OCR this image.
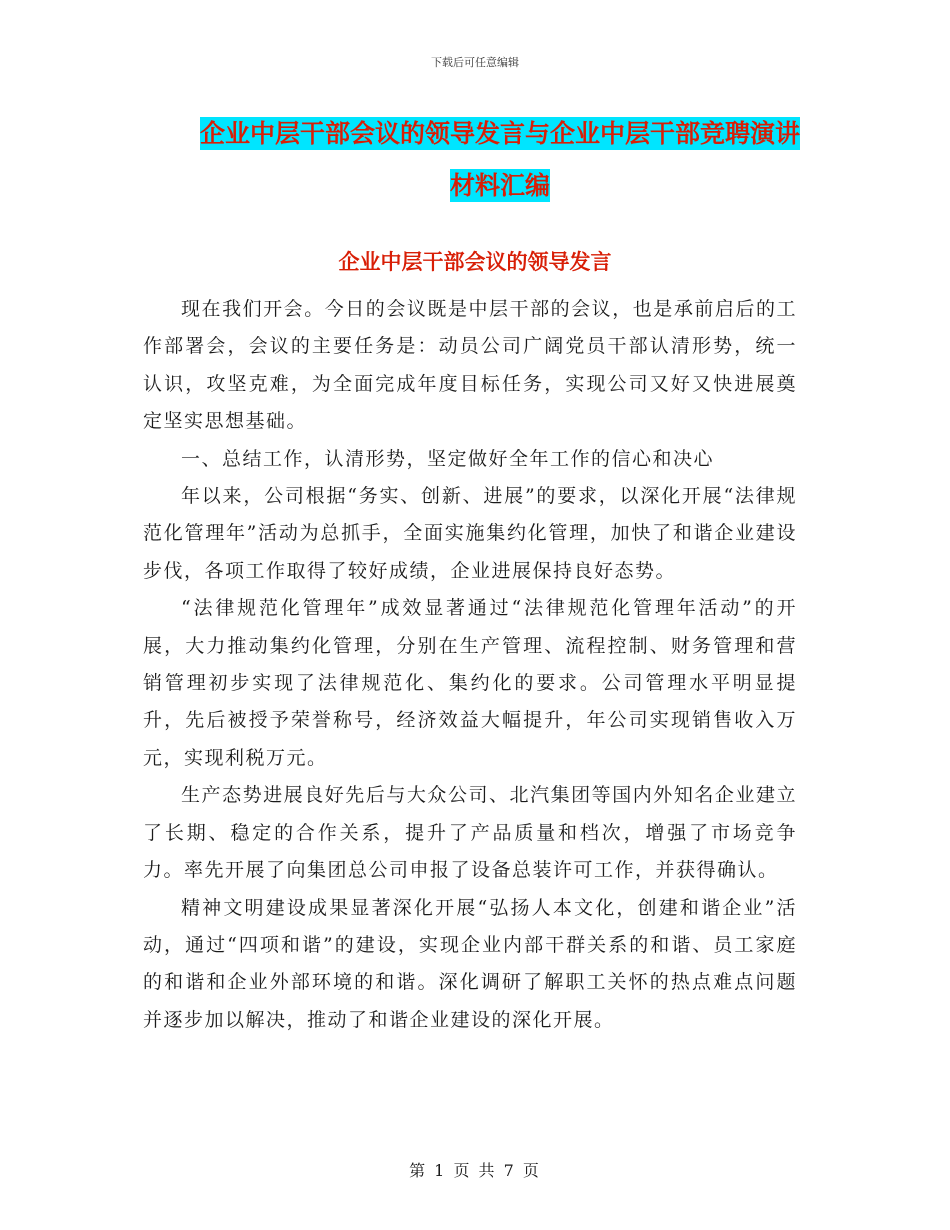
下载后可任意编辑
企业中层干部会议的领导发言与企业中层干部竞聘演讲材料汇编
企业中层干部会议的领导发言

现在我们开会。今日的会议既是中层干部的会议，也是承前启后的工作部署会，会议的主要任务是：动员公司广阔党员干部认清形势，统一认识，攻坚克难，为全面完成年度目标任务，实现公司又好又快进展奠定坚实思想基础。

一、总结工作，认清形势，坚定做好全年工作的信心和决心

年以来，公司根据“务实、创新、进展”的要求，以深化开展“法律规范化管理年”活动为总抓手，全面实施集约化管理，加快了和谐企业建设步伐，各项工作取得了较好成绩，企业进展保持良好态势。

“法律规范化管理年”成效显著通过“法律规范化管理年活动”的开展，大力推动集约化管理，分别在生产管理、流程控制、财务管理和营销管理初步实现了法律规范化、集约化的要求。公司管理水平明显提升，先后被授予荣誉称号，经济效益大幅提升，年公司实现销售收入万元，实现利税万元。

生产态势进展良好先后与大众公司、北汽集团等国内外知名企业建立了长期、稳定的合作关系，提升了产品质量和档次，增强了市场竞争力。率先开展了向集团总公司申报了设备总装许可工作，并获得确认。

精神文明建设成果显著深化开展“弘扬人本文化，创建和谐企业”活动，通过“四项和谐”的建设，实现企业内部干群关系的和谐、员工家庭的和谐和企业外部环境的和谐。深化调研了解职工关怀的热点难点问题并逐步加以解决，推动了和谐企业建设的深化开展。

第 1 页 共 7 页
